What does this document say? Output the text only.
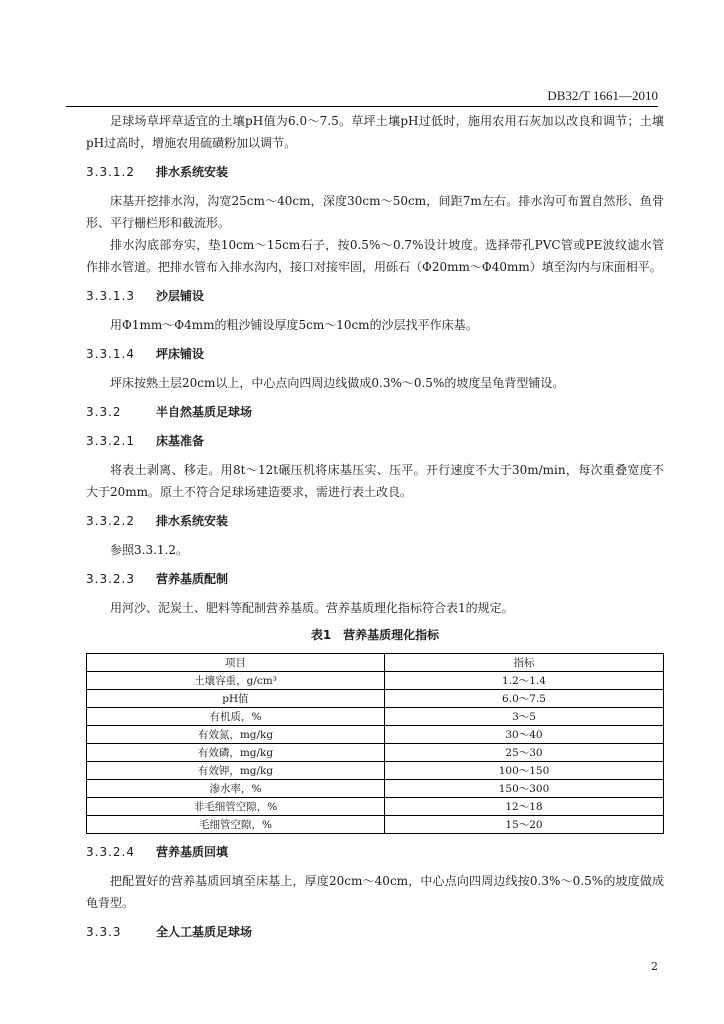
DB32/T 1661—2010

足球场草坪草适宜的土壤pH值为6.0～7.5。草坪土壤pH过低时，施用农用石灰加以改良和调节；土壤pH过高时，增施农用硫磺粉加以调节。

3.3.1.2 排水系统安装

床基开挖排水沟，沟宽25cm～40cm，深度30cm～50cm，间距7m左右。排水沟可布置自然形、鱼骨形、平行栅栏形和截流形。

排水沟底部夯实，垫10cm～15cm石子，按0.5%～0.7%设计坡度。选择带孔PVC管或PE波纹滤水管作排水管道。把排水管布入排水沟内，接口对接牢固，用砾石（Φ20mm～Φ40mm）填至沟内与床面相平。

3.3.1.3 沙层铺设

用Φ1mm～Φ4mm的粗沙铺设厚度5cm～10cm的沙层找平作床基。

3.3.1.4 坪床铺设

坪床按熟土层20cm以上，中心点向四周边线做成0.3%～0.5%的坡度呈龟背型铺设。

3.3.2	半自然基质足球场
3.3.2.1 床基准备

将表土剥离、移走。用8t～12t碾压机将床基压实、压平。开行速度不大于30m/min，每次重叠宽度不大于20mm。原土不符合足球场建造要求，需进行表土改良。

3.3.2.2 排水系统安装

参照3.3.1.2。

3.3.2.3 营养基质配制

用河沙、泥炭土、肥料等配制营养基质。营养基质理化指标符合表1的规定。

表1　营养基质理化指标
项目	指标
土壤容重，g/cm³	1.2～1.4
pH值	6.0～7.5
有机质，%	3～5
有效氮，mg/kg	30～40
有效磷，mg/kg	25～30
有效钾，mg/kg	100～150
渗水率，%	150～300
非毛细管空隙，%	12～18
毛细管空隙，%	15～20
3.3.2.4 营养基质回填

把配置好的营养基质回填至床基上，厚度20cm～40cm，中心点向四周边线按0.3%～0.5%的坡度做成龟背型。

3.3.3	全人工基质足球场
2
